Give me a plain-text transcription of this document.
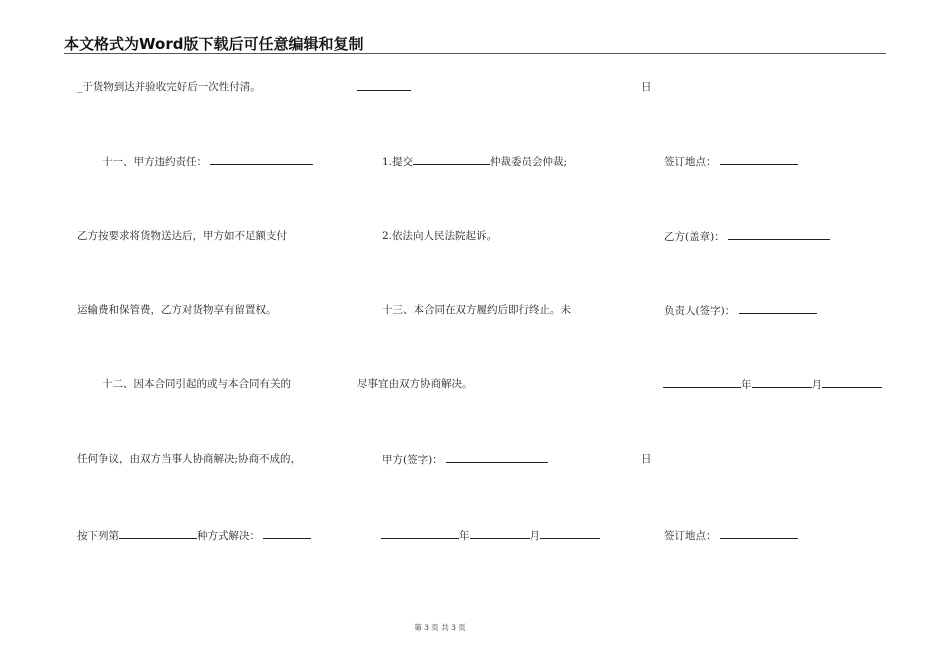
本文格式为Word版下载后可任意编辑和复制
_于货物到达并验收完好后一次性付清。
十一、甲方违约责任：
乙方按要求将货物送达后，甲方如不足额支付
运输费和保管费，乙方对货物享有留置权。
十二、因本合同引起的或与本合同有关的
任何争议，由双方当事人协商解决;协商不成的，
按下列第	种方式解决：
1.提交	仲裁委员会仲裁;
2.依法向人民法院起诉。
十三、本合同在双方履约后即行终止。未
尽事宜由双方协商解决。
甲方(签字)：
年	月
日
签订地点：
乙方(盖章)：
负责人(签字)：
年	月
日
签订地点：
第 3 页 共 3 页
